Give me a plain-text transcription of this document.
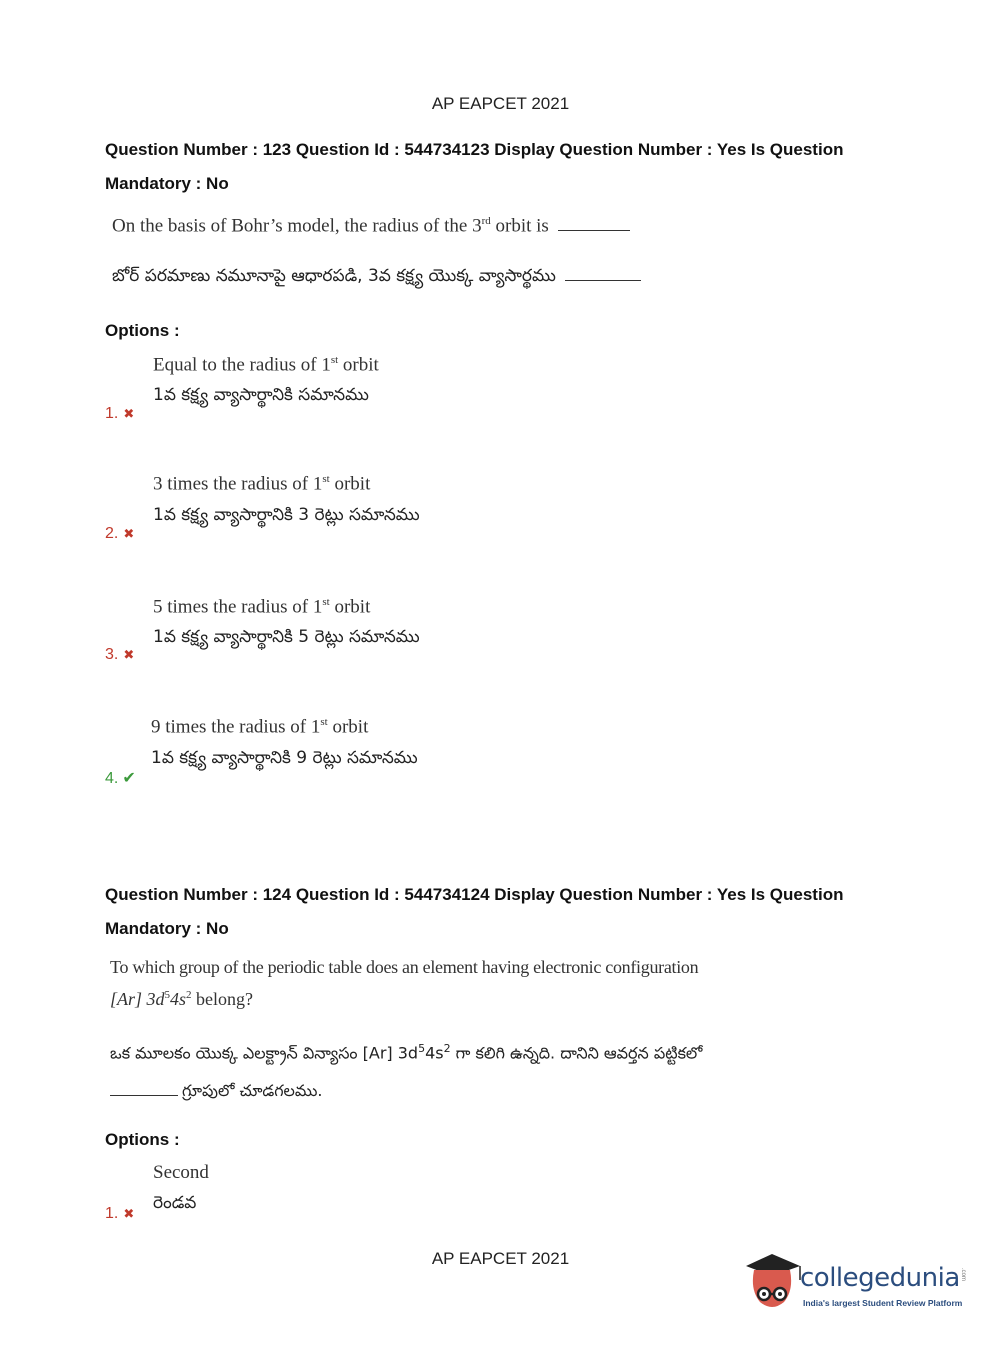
AP EAPCET 2021
Question Number : 123 Question Id : 544734123 Display Question Number : Yes Is Question
Mandatory : No
On the basis of Bohr’s model, the radius of the 3rd orbit is
బోర్ పరమాణు నమూనాపై ఆధారపడి, 3వ కక్ష్య యొక్క వ్యాసార్థము
Options :
Equal to the radius of 1st orbit
1వ కక్ష్య వ్యాసార్థానికి సమానము
1. ✖
3 times the radius of 1st orbit
1వ కక్ష్య వ్యాసార్థానికి 3 రెట్లు సమానము
2. ✖
5 times the radius of 1st orbit
1వ కక్ష్య వ్యాసార్థానికి 5 రెట్లు సమానము
3. ✖
9 times the radius of 1st orbit
1వ కక్ష్య వ్యాసార్థానికి 9 రెట్లు సమానము
4. ✔
Question Number : 124 Question Id : 544734124 Display Question Number : Yes Is Question
Mandatory : No
To which group of the periodic table does an element having electronic configuration
[Ar] $3d^54s^2$ belong?
ఒక మూలకం యొక్క ఎలక్ట్రాన్ విన్యాసం [Ar] $3d^54s^2$ గా కలిగి ఉన్నది. దానిని ఆవర్తన పట్టికలో
గ్రూపులో చూడగలము.
Options :
Second
రెండవ
1. ✖
AP EAPCET 2021
collegedunia .com
India's largest Student Review Platform
